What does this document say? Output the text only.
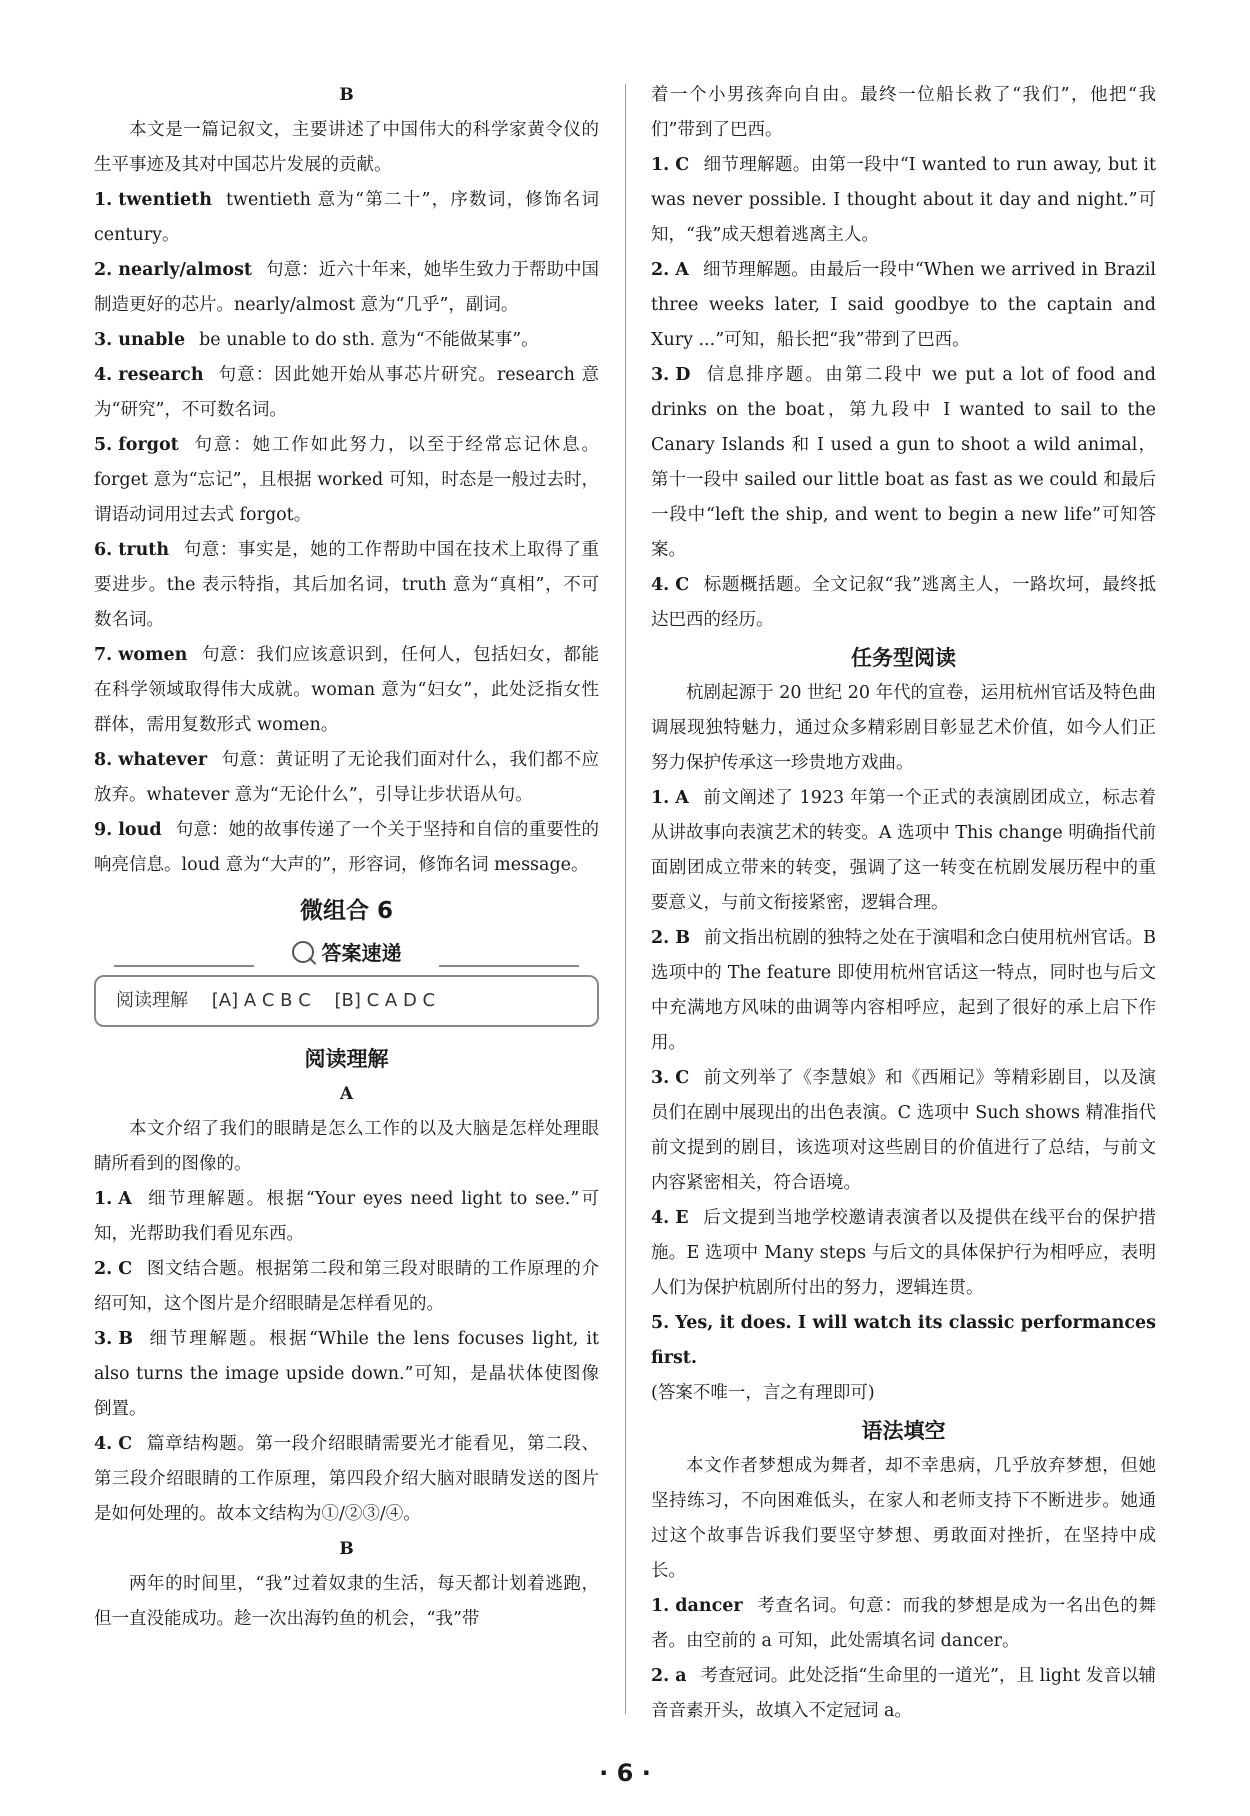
B

本文是一篇记叙文，主要讲述了中国伟大的科学家黄令仪的生平事迹及其对中国芯片发展的贡献。

1. twentieth twentieth 意为“第二十”，序数词，修饰名词 century。

2. nearly/almost 句意：近六十年来，她毕生致力于帮助中国制造更好的芯片。nearly/almost 意为“几乎”，副词。

3. unable be unable to do sth. 意为“不能做某事”。

4. research 句意：因此她开始从事芯片研究。research 意为“研究”，不可数名词。

5. forgot 句意：她工作如此努力，以至于经常忘记休息。forget 意为“忘记”，且根据 worked 可知，时态是一般过去时，谓语动词用过去式 forgot。

6. truth 句意：事实是，她的工作帮助中国在技术上取得了重要进步。the 表示特指，其后加名词，truth 意为“真相”，不可数名词。

7. women 句意：我们应该意识到，任何人，包括妇女，都能在科学领域取得伟大成就。woman 意为“妇女”，此处泛指女性群体，需用复数形式 women。

8. whatever 句意：黄证明了无论我们面对什么，我们都不应放弃。whatever 意为“无论什么”，引导让步状语从句。

9. loud 句意：她的故事传递了一个关于坚持和自信的重要性的响亮信息。loud 意为“大声的”，形容词，修饰名词 message。

微组合 6
答案速递
阅读理解 [A] A C B C [B] C A D C
阅读理解

A

本文介绍了我们的眼睛是怎么工作的以及大脑是怎样处理眼睛所看到的图像的。

1. A 细节理解题。根据“Your eyes need light to see.”可知，光帮助我们看见东西。

2. C 图文结合题。根据第二段和第三段对眼睛的工作原理的介绍可知，这个图片是介绍眼睛是怎样看见的。

3. B 细节理解题。根据“While the lens focuses light, it also turns the image upside down.”可知，是晶状体使图像倒置。

4. C 篇章结构题。第一段介绍眼睛需要光才能看见，第二段、第三段介绍眼睛的工作原理，第四段介绍大脑对眼睛发送的图片是如何处理的。故本文结构为①/②③/④。

B

两年的时间里，“我”过着奴隶的生活，每天都计划着逃跑，但一直没能成功。趁一次出海钓鱼的机会，“我”带

着一个小男孩奔向自由。最终一位船长救了“我们”，他把“我们”带到了巴西。

1. C 细节理解题。由第一段中“I wanted to run away, but it was never possible. I thought about it day and night.”可知，“我”成天想着逃离主人。

2. A 细节理解题。由最后一段中“When we arrived in Brazil three weeks later, I said goodbye to the captain and Xury ...”可知，船长把“我”带到了巴西。

3. D 信息排序题。由第二段中 we put a lot of food and drinks on the boat，第九段中 I wanted to sail to the Canary Islands 和 I used a gun to shoot a wild animal，第十一段中 sailed our little boat as fast as we could 和最后一段中“left the ship, and went to begin a new life”可知答案。

4. C 标题概括题。全文记叙“我”逃离主人，一路坎坷，最终抵达巴西的经历。

任务型阅读

杭剧起源于 20 世纪 20 年代的宣卷，运用杭州官话及特色曲调展现独特魅力，通过众多精彩剧目彰显艺术价值，如今人们正努力保护传承这一珍贵地方戏曲。

1. A 前文阐述了 1923 年第一个正式的表演剧团成立，标志着从讲故事向表演艺术的转变。A 选项中 This change 明确指代前面剧团成立带来的转变，强调了这一转变在杭剧发展历程中的重要意义，与前文衔接紧密，逻辑合理。

2. B 前文指出杭剧的独特之处在于演唱和念白使用杭州官话。B 选项中的 The feature 即使用杭州官话这一特点，同时也与后文中充满地方风味的曲调等内容相呼应，起到了很好的承上启下作用。

3. C 前文列举了《李慧娘》和《西厢记》等精彩剧目，以及演员们在剧中展现出的出色表演。C 选项中 Such shows 精准指代前文提到的剧目，该选项对这些剧目的价值进行了总结，与前文内容紧密相关，符合语境。

4. E 后文提到当地学校邀请表演者以及提供在线平台的保护措施。E 选项中 Many steps 与后文的具体保护行为相呼应，表明人们为保护杭剧所付出的努力，逻辑连贯。

5. Yes, it does. I will watch its classic performances first.

(答案不唯一，言之有理即可)

语法填空

本文作者梦想成为舞者，却不幸患病，几乎放弃梦想，但她坚持练习，不向困难低头，在家人和老师支持下不断进步。她通过这个故事告诉我们要坚守梦想、勇敢面对挫折，在坚持中成长。

1. dancer 考查名词。句意：而我的梦想是成为一名出色的舞者。由空前的 a 可知，此处需填名词 dancer。

2. a 考查冠词。此处泛指“生命里的一道光”，且 light 发音以辅音音素开头，故填入不定冠词 a。

· 6 ·
